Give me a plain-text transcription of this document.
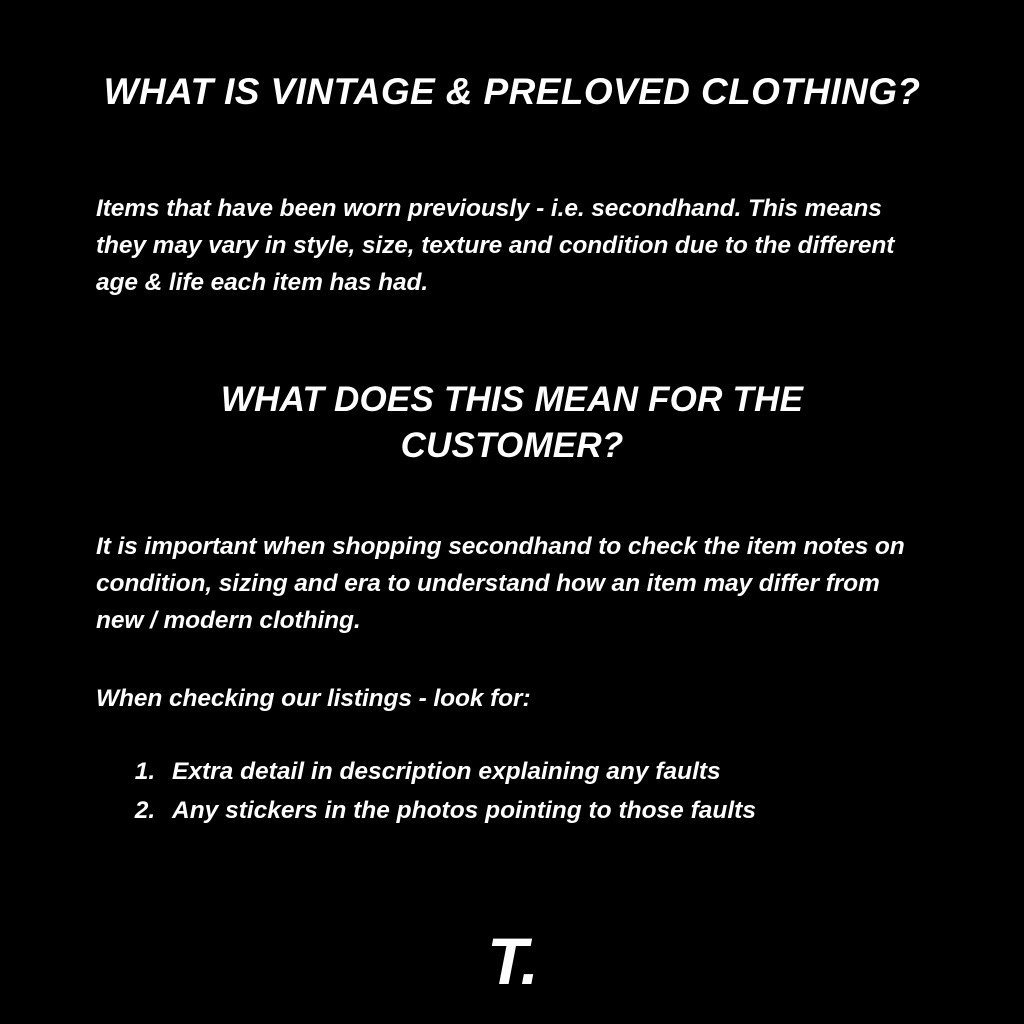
WHAT IS VINTAGE & PRELOVED CLOTHING?
Items that have been worn previously - i.e. secondhand. This means they may vary in style, size, texture and condition due to the different age & life each item has had.
WHAT DOES THIS MEAN FOR THE CUSTOMER?
It is important when shopping secondhand to check the item notes on condition, sizing and era to understand how an item may differ from new / modern clothing.
When checking our listings - look for:
1. Extra detail in description explaining any faults
2. Any stickers in the photos pointing to those faults
T.
